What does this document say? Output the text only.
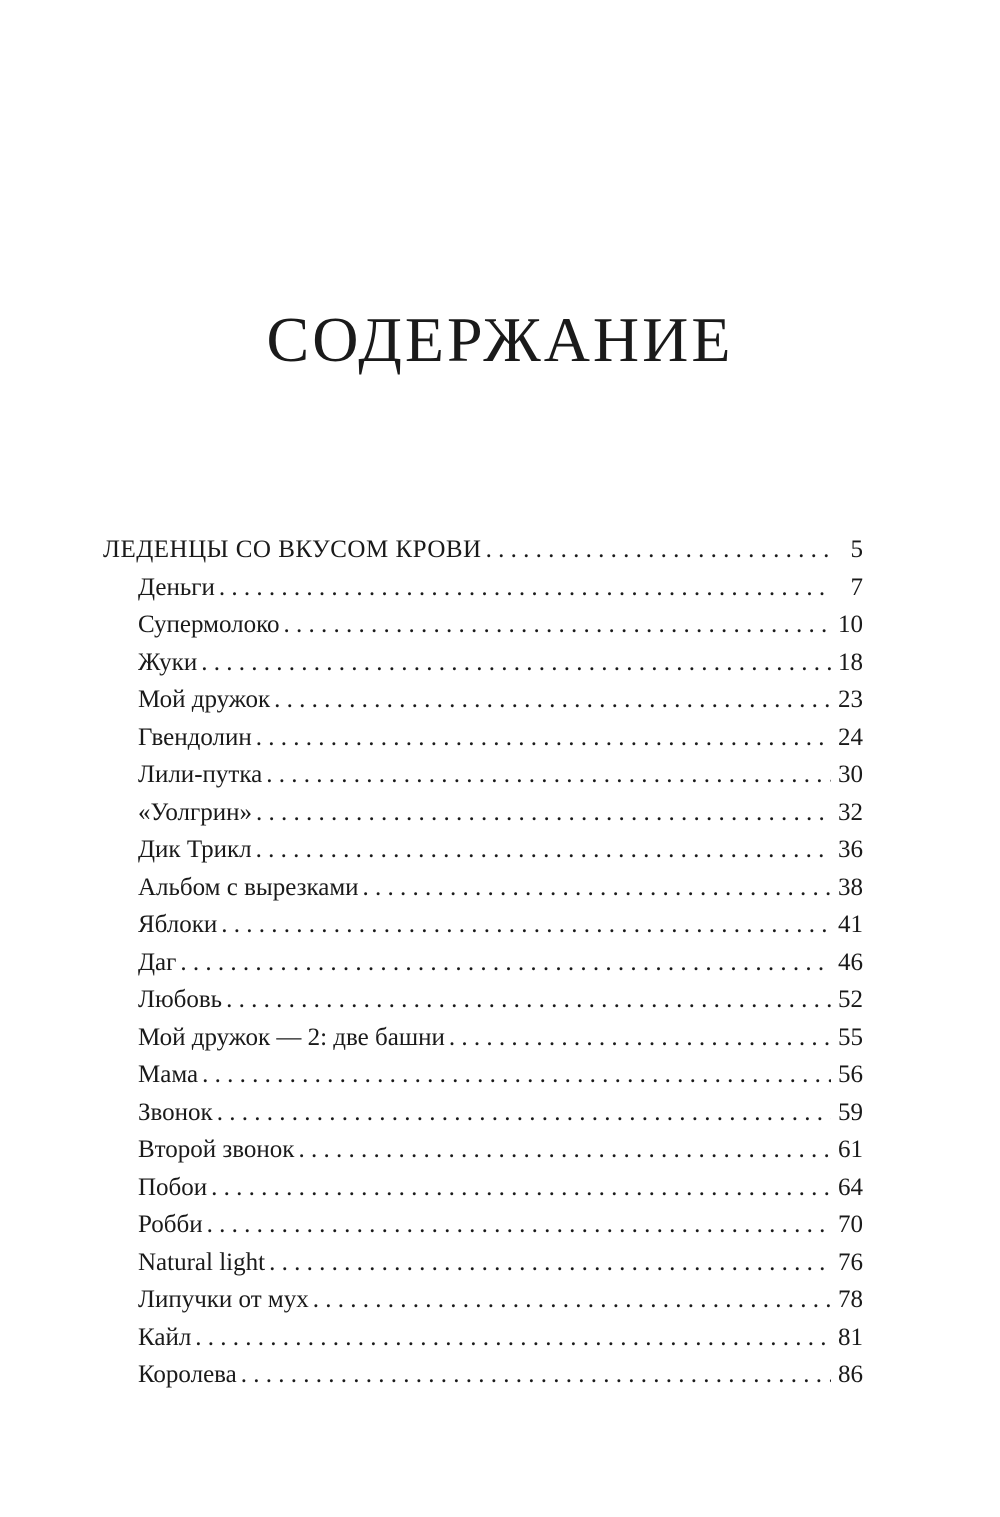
СОДЕРЖАНИЕ
ЛЕДЕНЦЫ СО ВКУСОМ КРОВИ . . .	5
Деньги . . .	7
Супермолоко . . .	10
Жуки . . .	18
Мой дружок . . .	23
Гвендолин . . .	24
Лили-путка . . .	30
«Уолгрин» . . .	32
Дик Трикл . . .	36
Альбом с вырезками . . .	38
Яблоки . . .	41
Даг . . .	46
Любовь . . .	52
Мой дружок — 2: две башни . . .	55
Мама . . .	56
Звонок . . .	59
Второй звонок . . .	61
Побои . . .	64
Робби . . .	70
Natural light . . .	76
Липучки от мух . . .	78
Кайл . . .	81
Королева . . .	86
